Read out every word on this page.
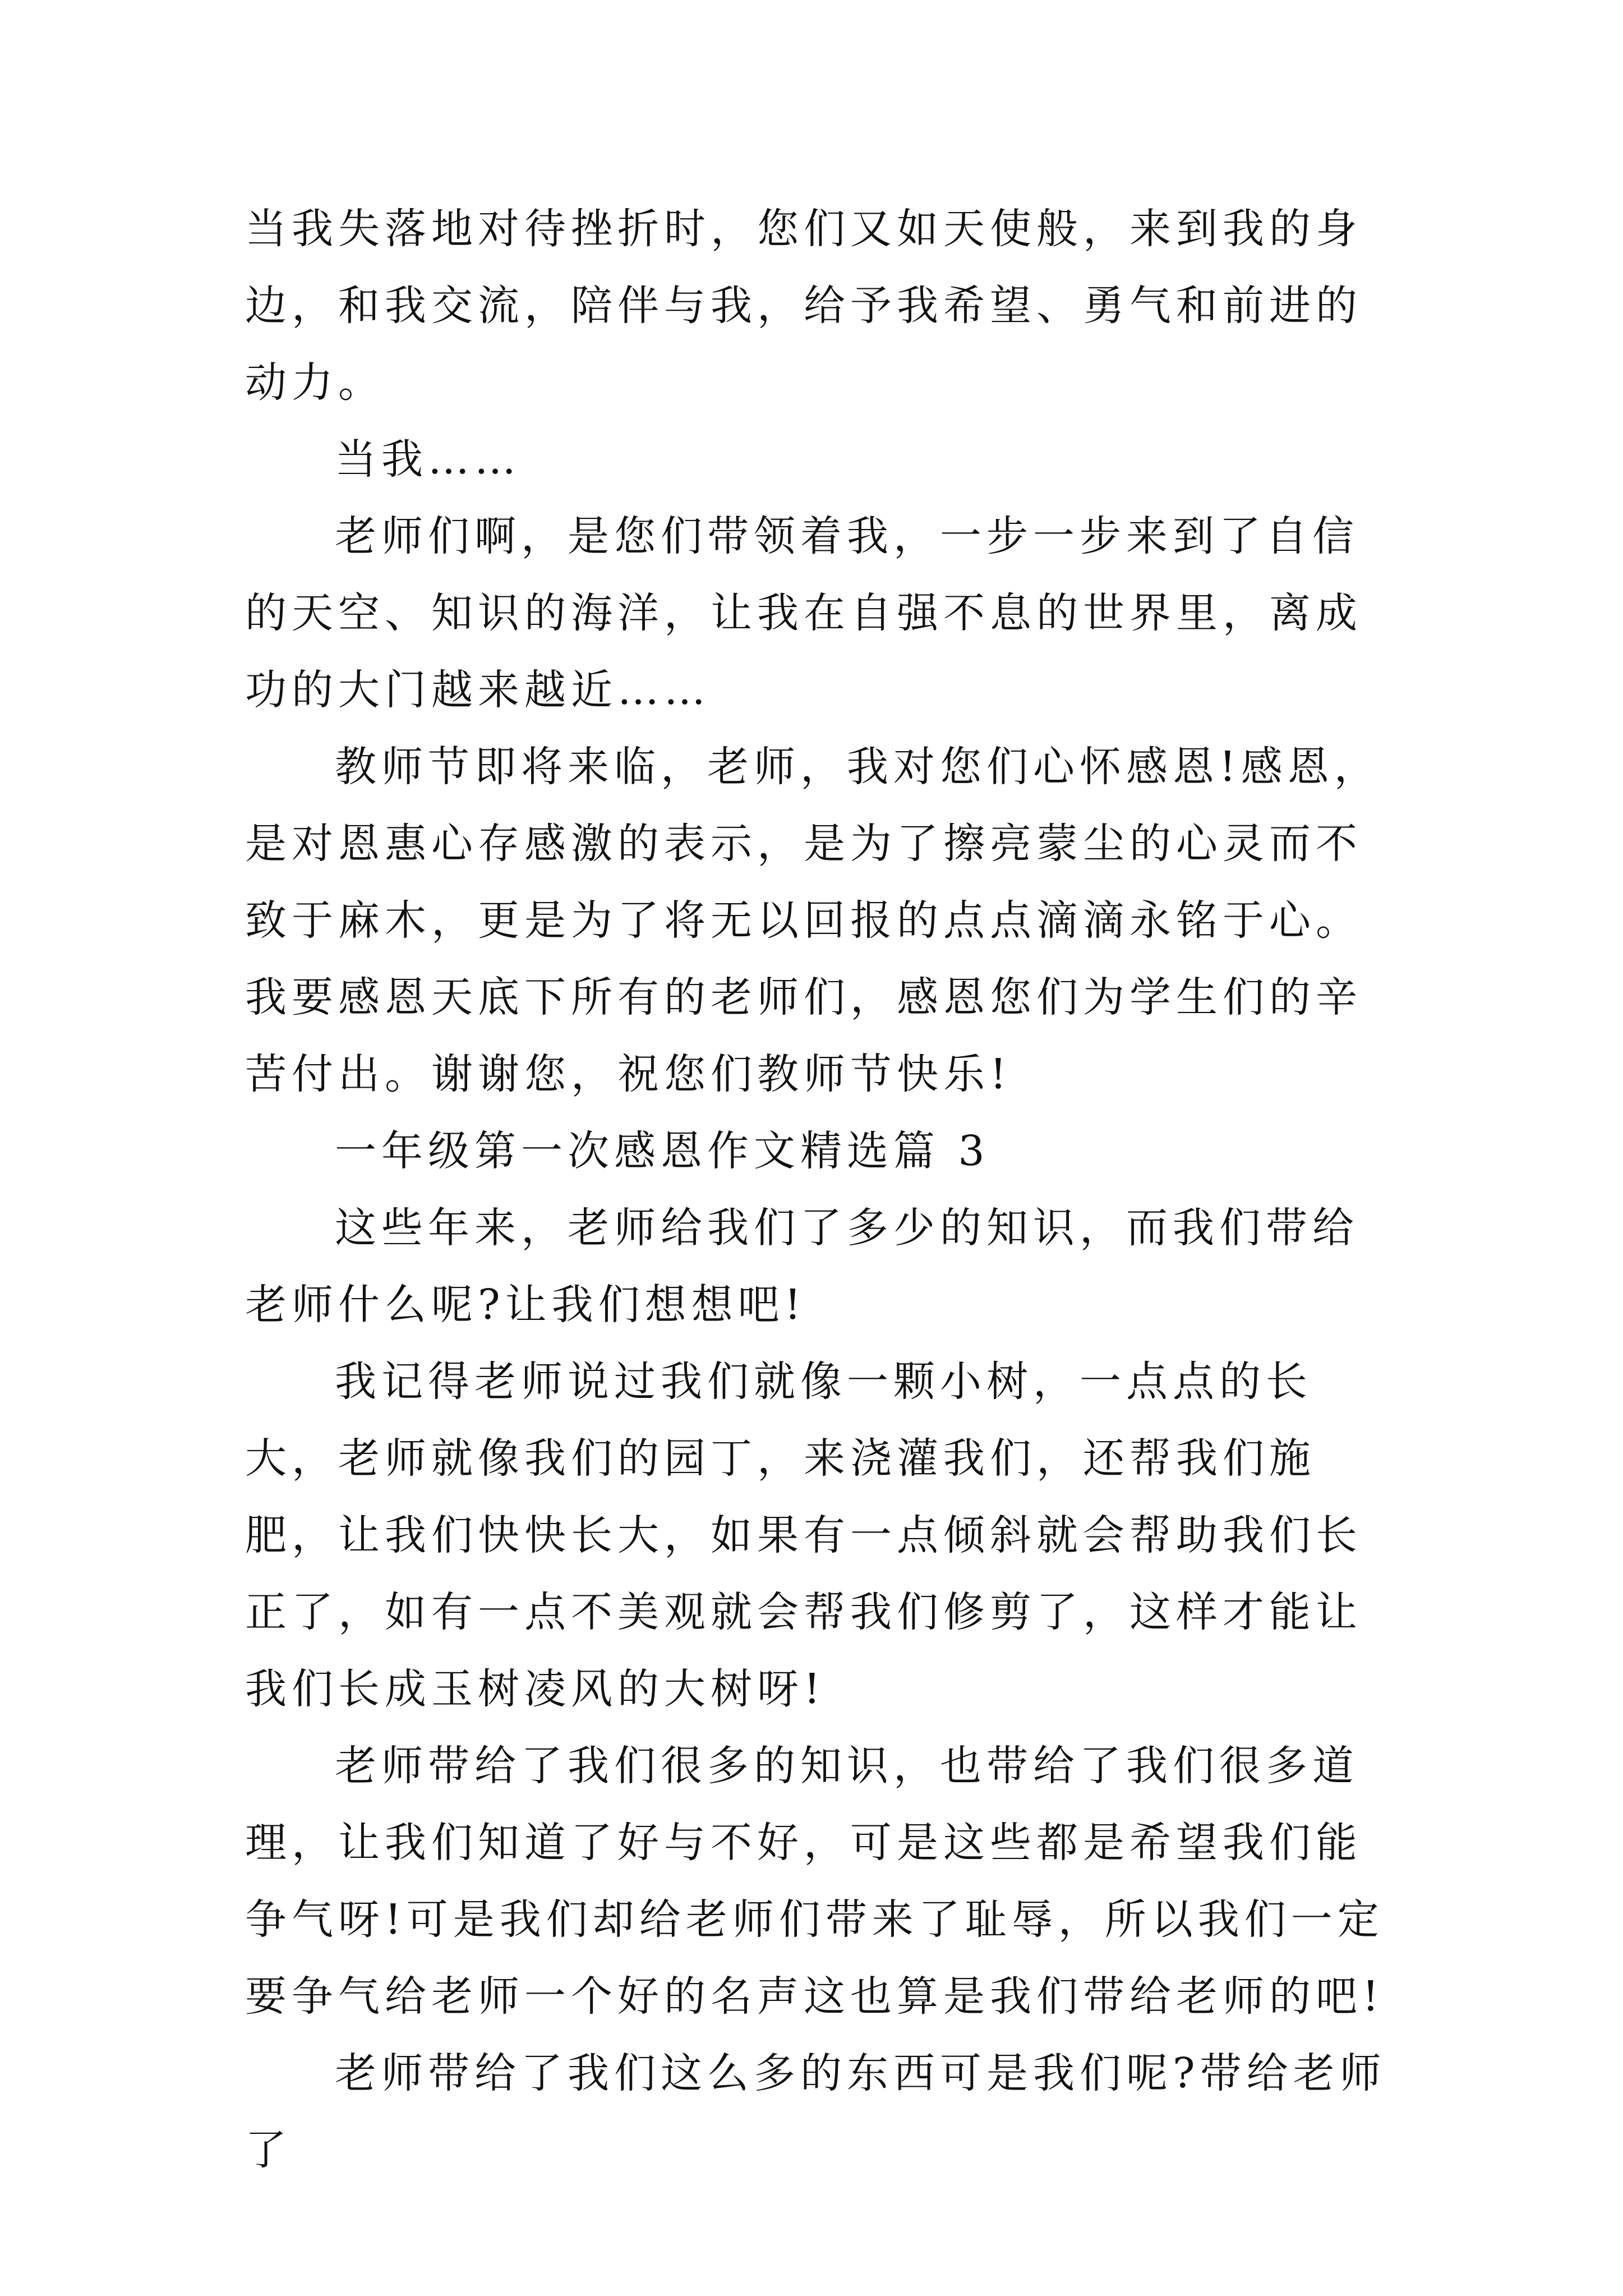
当我失落地对待挫折时，您们又如天使般，来到我的身边，和我交流，陪伴与我，给予我希望、勇气和前进的动力。

当我……

老师们啊，是您们带领着我，一步一步来到了自信的天空、知识的海洋，让我在自强不息的世界里，离成功的大门越来越近……

教师节即将来临，老师，我对您们心怀感恩!感恩，是对恩惠心存感激的表示，是为了擦亮蒙尘的心灵而不致于麻木，更是为了将无以回报的点点滴滴永铭于心。我要感恩天底下所有的老师们，感恩您们为学生们的辛苦付出。谢谢您，祝您们教师节快乐!

一年级第一次感恩作文精选篇 3

这些年来，老师给我们了多少的知识，而我们带给老师什么呢?让我们想想吧!

我记得老师说过我们就像一颗小树，一点点的长大，老师就像我们的园丁，来浇灌我们，还帮我们施肥，让我们快快长大，如果有一点倾斜就会帮助我们长正了，如有一点不美观就会帮我们修剪了，这样才能让我们长成玉树凌风的大树呀!

老师带给了我们很多的知识，也带给了我们很多道理，让我们知道了好与不好，可是这些都是希望我们能争气呀!可是我们却给老师们带来了耻辱，所以我们一定要争气给老师一个好的名声这也算是我们带给老师的吧!

老师带给了我们这么多的东西可是我们呢?带给老师了
